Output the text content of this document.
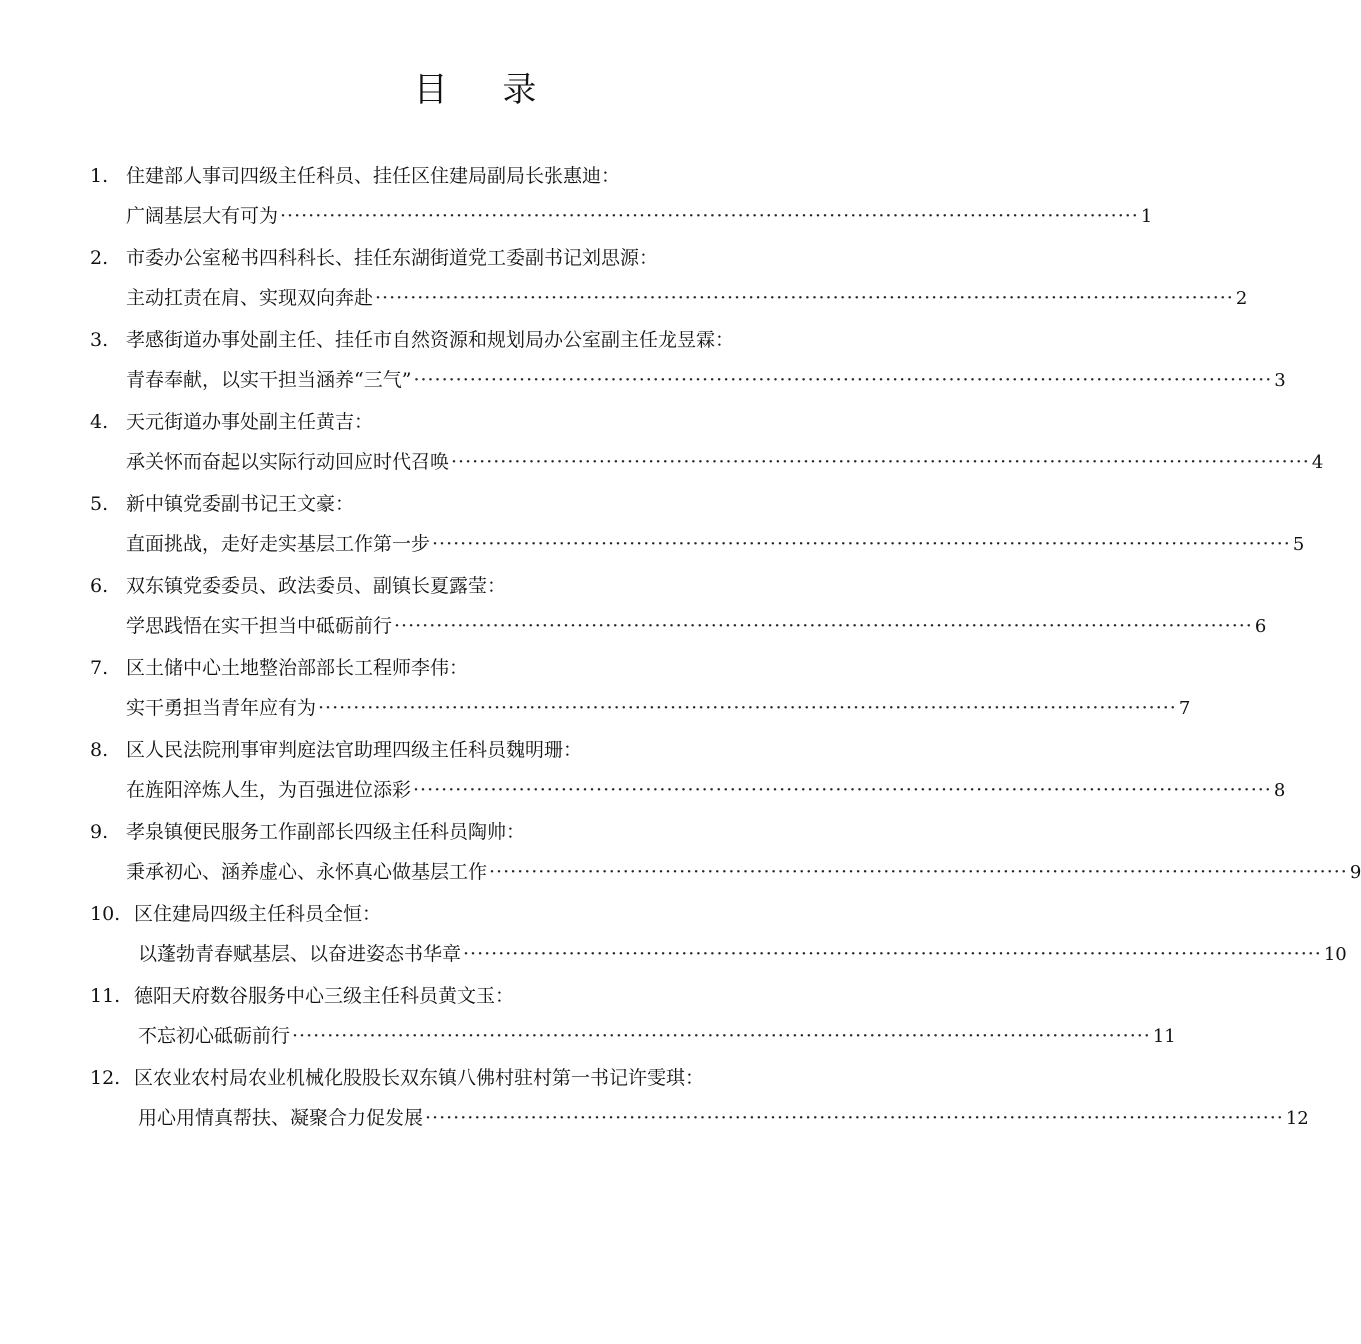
目 录
1. 住建部人事司四级主任科员、挂任区住建局副局长张惠迪：
广阔基层大有可为 ·························································································································· 1
2. 市委办公室秘书四科科长、挂任东湖街道党工委副书记刘思源：
主动扛责在肩、实现双向奔赴 ·························································································································· 2
3. 孝感街道办事处副主任、挂任市自然资源和规划局办公室副主任龙昱霖：
青春奉献，以实干担当涵养“三气” ·························································································································· 3
4. 天元街道办事处副主任黄吉：
承关怀而奋起以实际行动回应时代召唤 ·························································································································· 4
5. 新中镇党委副书记王文豪：
直面挑战，走好走实基层工作第一步 ·························································································································· 5
6. 双东镇党委委员、政法委员、副镇长夏露莹：
学思践悟在实干担当中砥砺前行 ·························································································································· 6
7. 区土储中心土地整治部部长工程师李伟：
实干勇担当青年应有为 ·························································································································· 7
8. 区人民法院刑事审判庭法官助理四级主任科员魏明珊：
在旌阳淬炼人生，为百强进位添彩 ·························································································································· 8
9. 孝泉镇便民服务工作副部长四级主任科员陶帅：
秉承初心、涵养虚心、永怀真心做基层工作 ·························································································································· 9
10. 区住建局四级主任科员全恒：
以蓬勃青春赋基层、以奋进姿态书华章 ·························································································································· 10
11. 德阳天府数谷服务中心三级主任科员黄文玉：
不忘初心砥砺前行 ·························································································································· 11
12. 区农业农村局农业机械化股股长双东镇八佛村驻村第一书记许雯琪：
用心用情真帮扶、凝聚合力促发展 ·························································································································· 12
